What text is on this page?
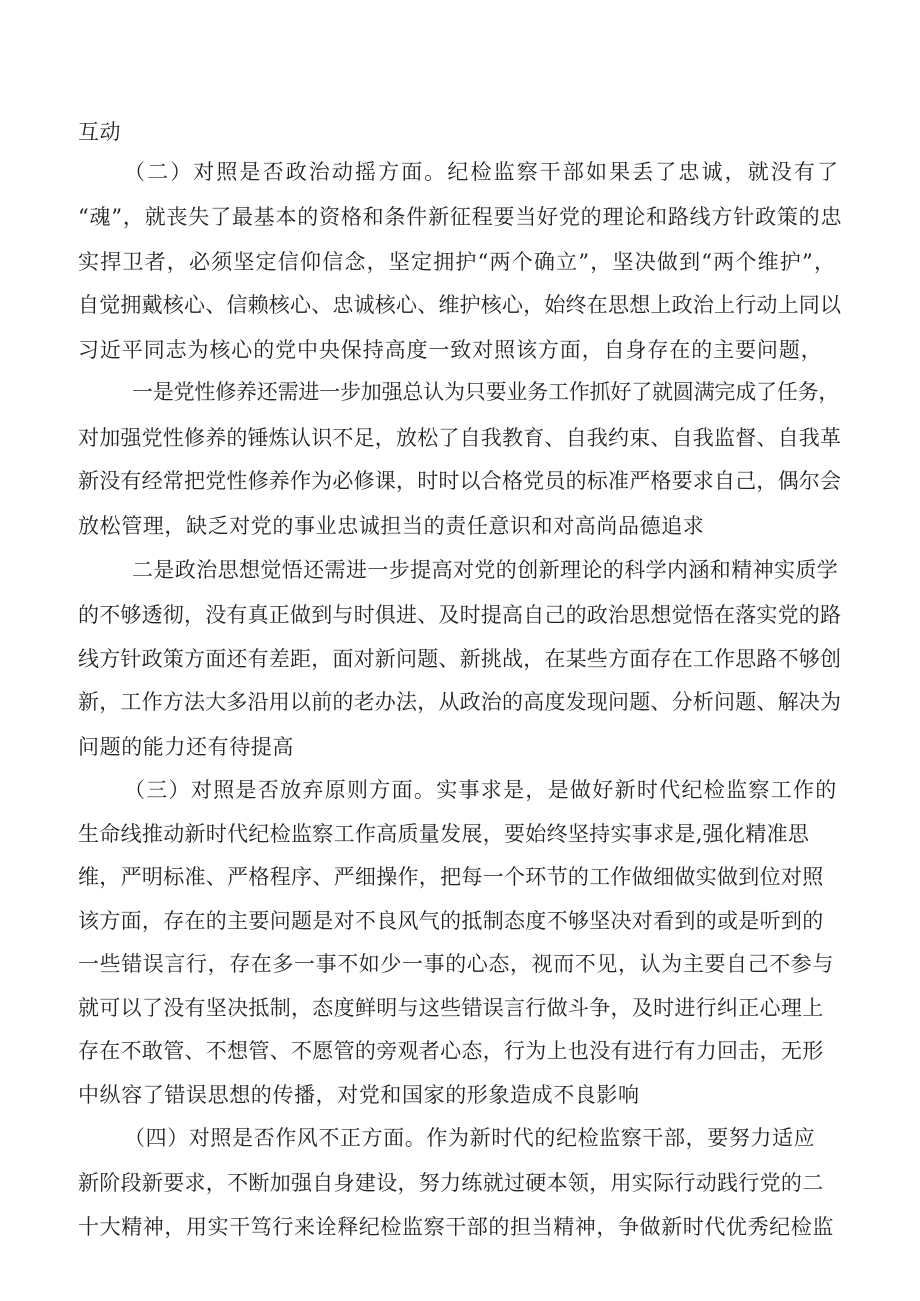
互动
（二）对照是否政治动摇方面。纪检监察干部如果丢了忠诚，就没有了
“魂”，就丧失了最基本的资格和条件新征程要当好党的理论和路线方针政策的忠
实捍卫者，必须坚定信仰信念，坚定拥护“两个确立”，坚决做到“两个维护”，
自觉拥戴核心、信赖核心、忠诚核心、维护核心，始终在思想上政治上行动上同以
习近平同志为核心的党中央保持高度一致对照该方面，自身存在的主要问题，
一是党性修养还需进一步加强总认为只要业务工作抓好了就圆满完成了任务，
对加强党性修养的锤炼认识不足，放松了自我教育、自我约束、自我监督、自我革
新没有经常把党性修养作为必修课，时时以合格党员的标准严格要求自己，偶尔会
放松管理，缺乏对党的事业忠诚担当的责任意识和对高尚品德追求
二是政治思想觉悟还需进一步提高对党的创新理论的科学内涵和精神实质学
的不够透彻，没有真正做到与时俱进、及时提高自己的政治思想觉悟在落实党的路
线方针政策方面还有差距，面对新问题、新挑战，在某些方面存在工作思路不够创
新，工作方法大多沿用以前的老办法，从政治的高度发现问题、分析问题、解决为
问题的能力还有待提高
（三）对照是否放弃原则方面。实事求是，是做好新时代纪检监察工作的
生命线推动新时代纪检监察工作高质量发展，要始终坚持实事求是,强化精准思
维，严明标准、严格程序、严细操作，把每一个环节的工作做细做实做到位对照
该方面，存在的主要问题是对不良风气的抵制态度不够坚决对看到的或是听到的
一些错误言行，存在多一事不如少一事的心态，视而不见，认为主要自己不参与
就可以了没有坚决抵制，态度鲜明与这些错误言行做斗争，及时进行纠正心理上
存在不敢管、不想管、不愿管的旁观者心态，行为上也没有进行有力回击，无形
中纵容了错误思想的传播，对党和国家的形象造成不良影响
（四）对照是否作风不正方面。作为新时代的纪检监察干部，要努力适应
新阶段新要求，不断加强自身建设，努力练就过硬本领，用实际行动践行党的二
十大精神，用实干笃行来诠释纪检监察干部的担当精神，争做新时代优秀纪检监
